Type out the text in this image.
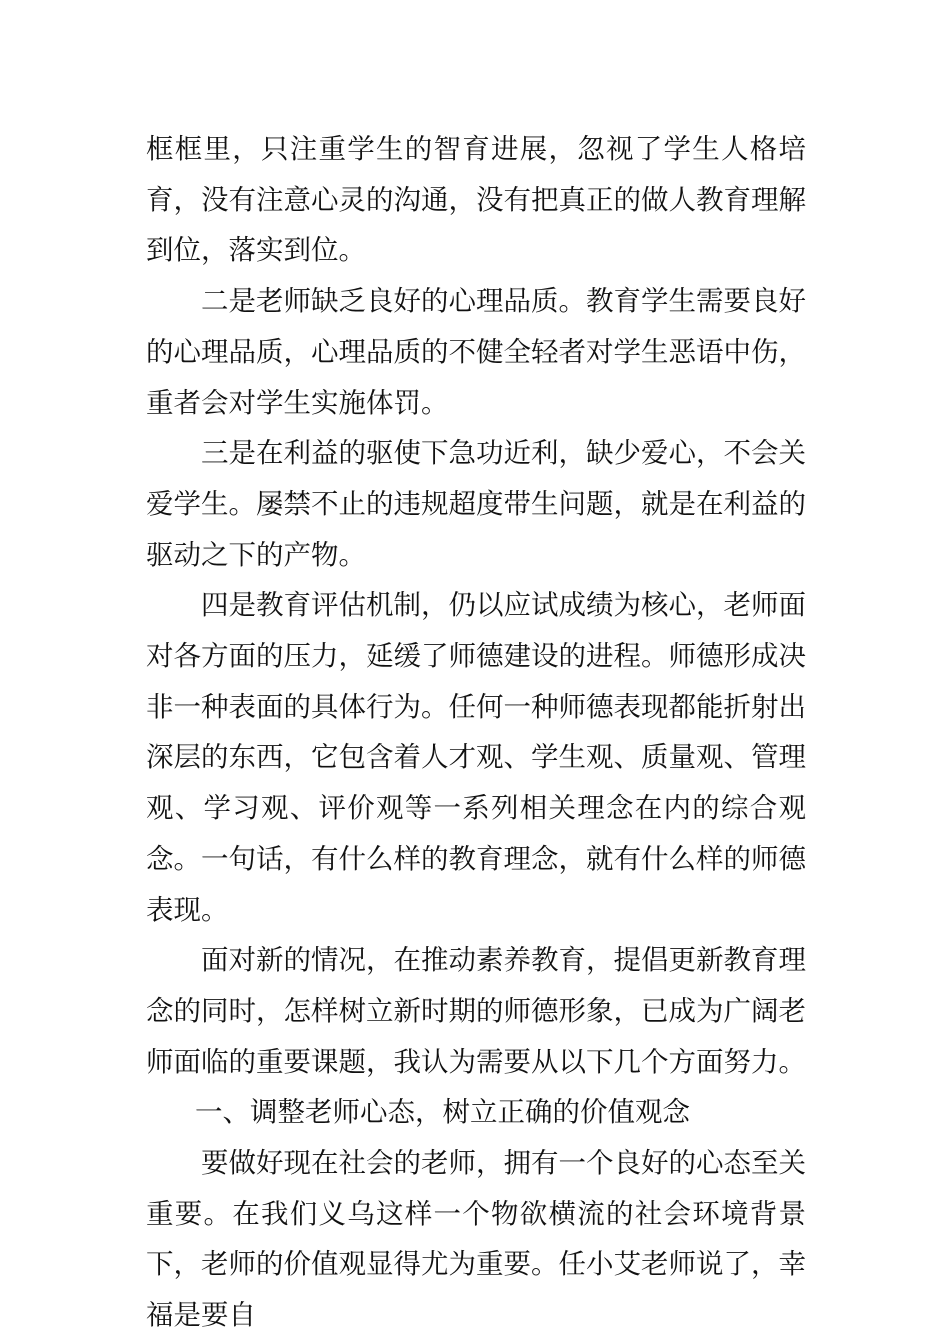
框框里，只注重学生的智育进展，忽视了学生人格培育，没有注意心灵的沟通，没有把真正的做人教育理解到位，落实到位。

二是老师缺乏良好的心理品质。教育学生需要良好的心理品质，心理品质的不健全轻者对学生恶语中伤，重者会对学生实施体罚。

三是在利益的驱使下急功近利，缺少爱心，不会关爱学生。屡禁不止的违规超度带生问题，就是在利益的驱动之下的产物。

四是教育评估机制，仍以应试成绩为核心，老师面对各方面的压力，延缓了师德建设的进程。师德形成决非一种表面的具体行为。任何一种师德表现都能折射出深层的东西，它包含着人才观、学生观、质量观、管理观、学习观、评价观等一系列相关理念在内的综合观念。一句话，有什么样的教育理念，就有什么样的师德表现。

面对新的情况，在推动素养教育，提倡更新教育理念的同时，怎样树立新时期的师德形象，已成为广阔老师面临的重要课题，我认为需要从以下几个方面努力。

一、调整老师心态，树立正确的价值观念

要做好现在社会的老师，拥有一个良好的心态至关重要。在我们义乌这样一个物欲横流的社会环境背景下，老师的价值观显得尤为重要。任小艾老师说了，幸福是要自
